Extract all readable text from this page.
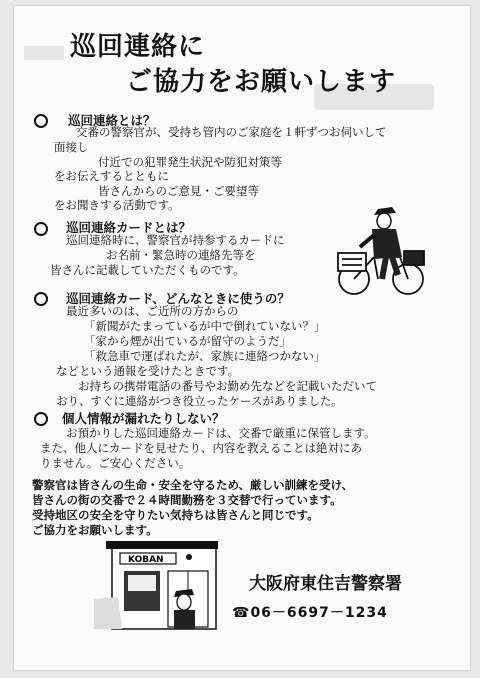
巡回連絡に
ご協力をお願いします
巡回連絡とは？
交番の警察官が、受持ち管内のご家庭を１軒ずつお伺いして
面接し
付近での犯罪発生状況や防犯対策等
をお伝えするとともに
皆さんからのご意見・ご要望等
をお聞きする活動です。
巡回連絡カードとは？
巡回連絡時に、警察官が持参するカードに
お名前・緊急時の連絡先等を
皆さんに記載していただくものです。
巡回連絡カード、どんなときに使うの？
最近多いのは、ご近所の方からの
「新聞がたまっているが中で倒れていない？」
「家から煙が出ているが留守のようだ」
「救急車で運ばれたが、家族に連絡つかない」
などという通報を受けたときです。
お持ちの携帯電話の番号やお勤め先などを記載いただいて
おり、すぐに連絡がつき役立ったケースがありました。
個人情報が漏れたりしない？
お預かりした巡回連絡カードは、交番で厳重に保管します。
また、他人にカードを見せたり、内容を教えることは絶対にあ
りません。ご安心ください。
警察官は皆さんの生命・安全を守るため、厳しい訓練を受け、
皆さんの街の交番で２４時間勤務を３交替で行っています。
受持地区の安全を守りたい気持ちは皆さんと同じです。
ご協力をお願いします。
KOBAN
大阪府東住吉警察署
☎06－6697－1234
